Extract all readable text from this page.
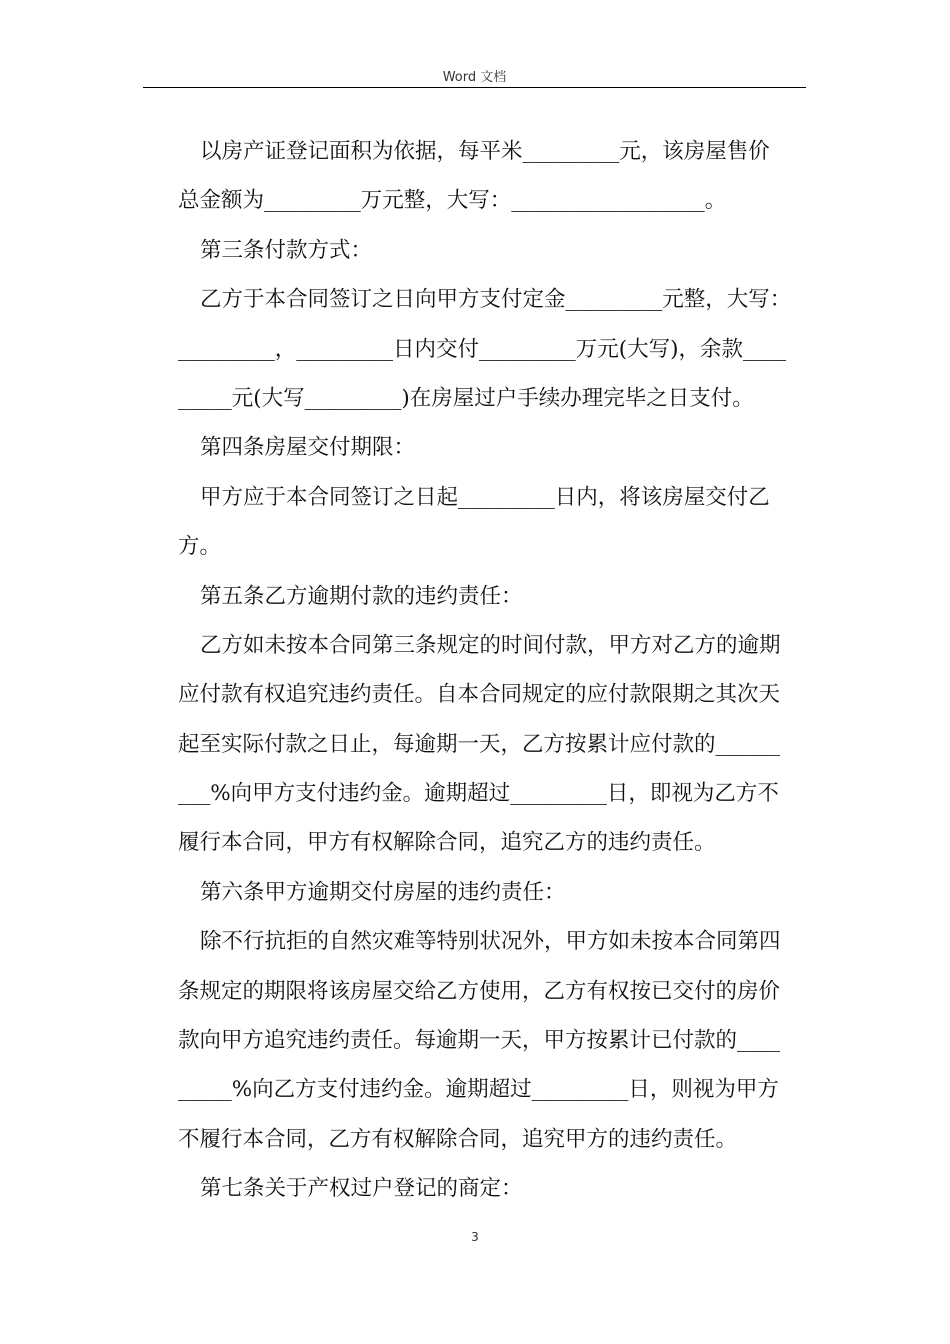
Word 文档
以房产证登记面积为依据，每平米_________元，该房屋售价
总金额为_________万元整，大写：__________________。
第三条付款方式：
乙方于本合同签订之日向甲方支付定金_________元整，大写：
_________，_________日内交付_________万元(大写)，余款____
_____元(大写_________)在房屋过户手续办理完毕之日支付。
第四条房屋交付期限：
甲方应于本合同签订之日起_________日内，将该房屋交付乙
方。
第五条乙方逾期付款的违约责任：
乙方如未按本合同第三条规定的时间付款，甲方对乙方的逾期
应付款有权追究违约责任。自本合同规定的应付款限期之其次天
起至实际付款之日止，每逾期一天，乙方按累计应付款的______
___%向甲方支付违约金。逾期超过_________日，即视为乙方不
履行本合同，甲方有权解除合同，追究乙方的违约责任。
第六条甲方逾期交付房屋的违约责任：
除不行抗拒的自然灾难等特别状况外，甲方如未按本合同第四
条规定的期限将该房屋交给乙方使用，乙方有权按已交付的房价
款向甲方追究违约责任。每逾期一天，甲方按累计已付款的____
_____%向乙方支付违约金。逾期超过_________日，则视为甲方
不履行本合同，乙方有权解除合同，追究甲方的违约责任。
第七条关于产权过户登记的商定：
3
